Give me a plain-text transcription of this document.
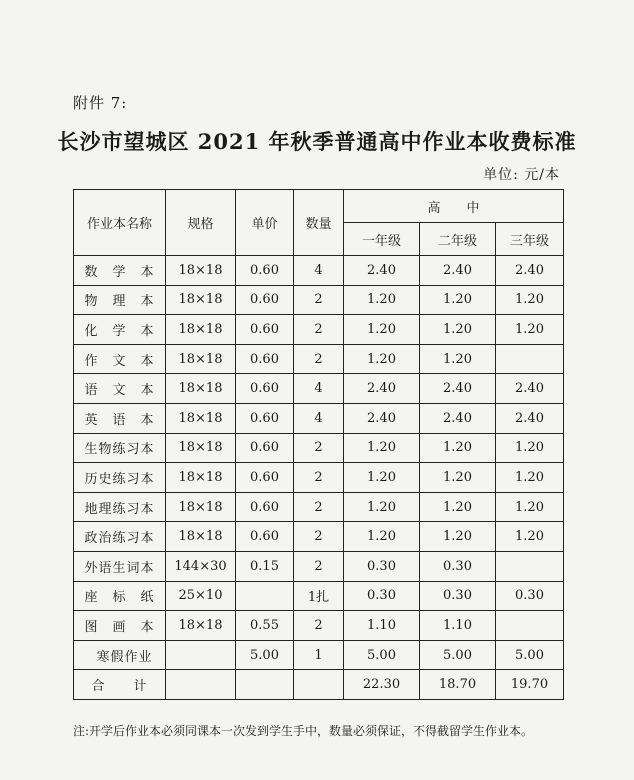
附件 7:
长沙市望城区 2021 年秋季普通高中作业本收费标准
单位: 元/本
作业本名称	规格	单价	数量	高　　中		
				一年级	二年级	三年级
数　学　本	18×18	0.60	4	2.40	2.40	2.40
物　理　本	18×18	0.60	2	1.20	1.20	1.20
化　学　本	18×18	0.60	2	1.20	1.20	1.20
作　文　本	18×18	0.60	2	1.20	1.20	
语　文　本	18×18	0.60	4	2.40	2.40	2.40
英　语　本	18×18	0.60	4	2.40	2.40	2.40
生物练习本	18×18	0.60	2	1.20	1.20	1.20
历史练习本	18×18	0.60	2	1.20	1.20	1.20
地理练习本	18×18	0.60	2	1.20	1.20	1.20
政治练习本	18×18	0.60	2	1.20	1.20	1.20
外语生词本	144×30	0.15	2	0.30	0.30	
座　标　纸	25×10		1扎	0.30	0.30	0.30
图　画　本	18×18	0.55	2	1.10	1.10	
寒假作业		5.00	1	5.00	5.00	5.00
合　　计				22.30	18.70	19.70
注:开学后作业本必须同课本一次发到学生手中，数量必须保证，不得截留学生作业本。
